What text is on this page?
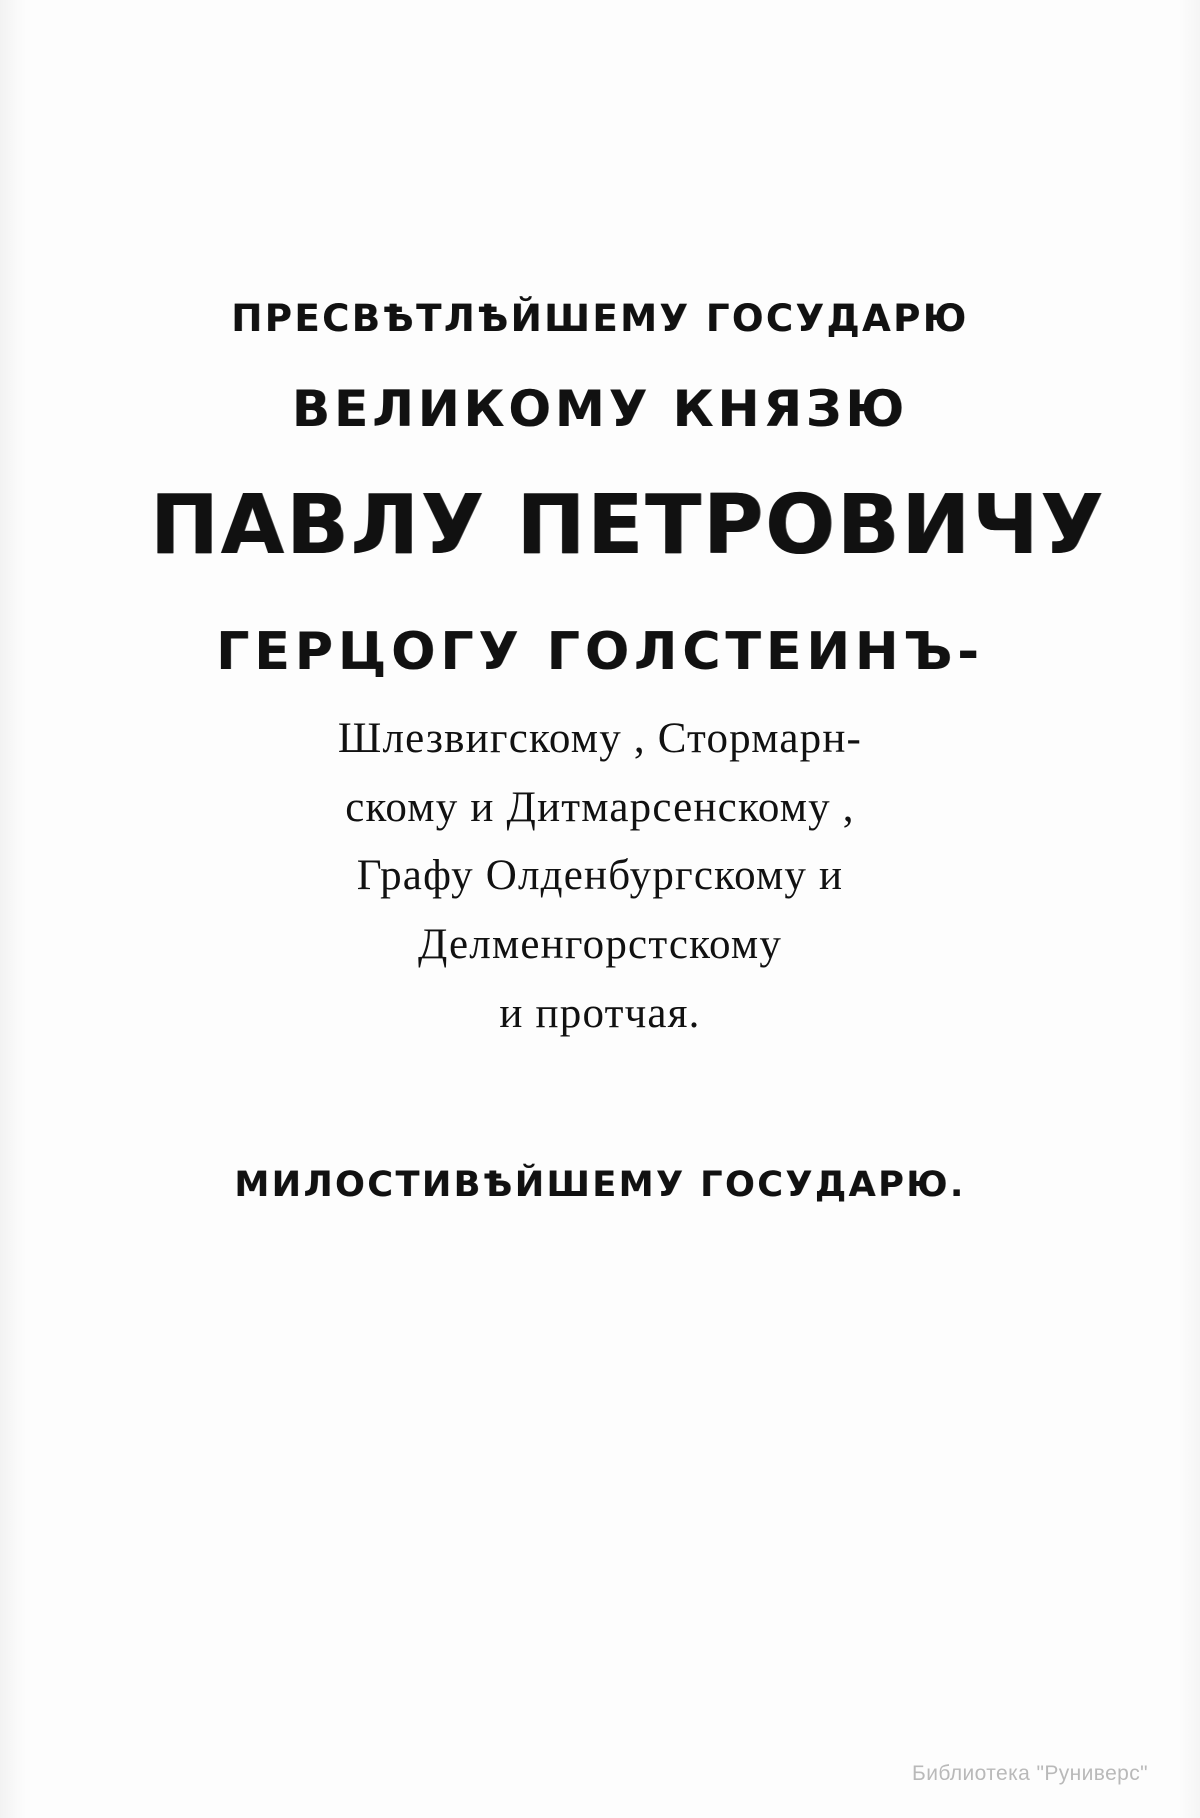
ПРЕСВѢТЛѢЙШЕМУ ГОСУДАРЮ
ВЕЛИКОМУ КНЯЗЮ
ПАВЛУ ПЕТРОВИЧУ
ГЕРЦОГУ ГОЛСТЕИНЪ-
Шлезвигскому , Стормарн-
скому и Дитмарсенскому ,
Графу Олденбургскому и
Делменгорстскому
и протчая.
МИЛОСТИВѢЙШЕМУ ГОСУДАРЮ.
Библиотека "Руниверс"
